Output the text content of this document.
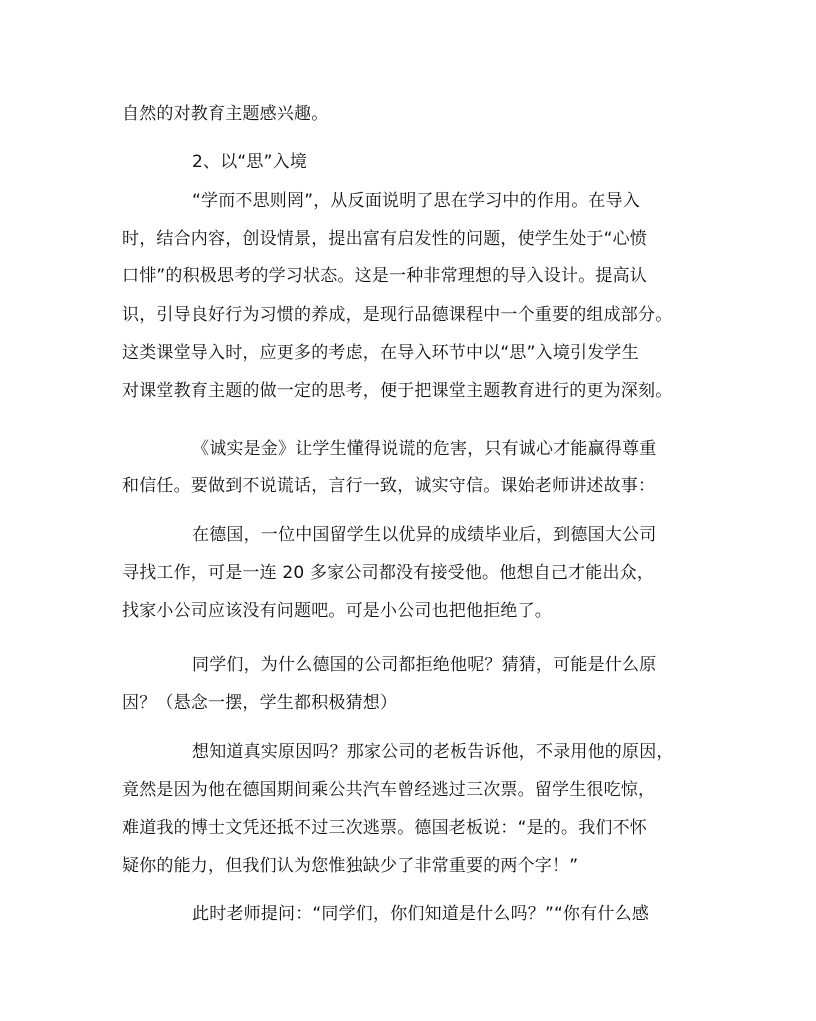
自然的对教育主题感兴趣。
2、以“思”入境
“学而不思则罔”，从反面说明了思在学习中的作用。在导入
时，结合内容，创设情景，提出富有启发性的问题，使学生处于“心愤
口悱”的积极思考的学习状态。这是一种非常理想的导入设计。提高认
识，引导良好行为习惯的养成，是现行品德课程中一个重要的组成部分。
这类课堂导入时，应更多的考虑，在导入环节中以“思”入境引发学生
对课堂教育主题的做一定的思考，便于把课堂主题教育进行的更为深刻。
《诚实是金》让学生懂得说谎的危害，只有诚心才能赢得尊重
和信任。要做到不说谎话，言行一致，诚实守信。课始老师讲述故事：
在德国，一位中国留学生以优异的成绩毕业后，到德国大公司
寻找工作，可是一连 20 多家公司都没有接受他。他想自己才能出众，
找家小公司应该没有问题吧。可是小公司也把他拒绝了。
同学们，为什么德国的公司都拒绝他呢？猜猜，可能是什么原
因？（悬念一摆，学生都积极猜想）
想知道真实原因吗？那家公司的老板告诉他，不录用他的原因，
竟然是因为他在德国期间乘公共汽车曾经逃过三次票。留学生很吃惊，
难道我的博士文凭还抵不过三次逃票。德国老板说：“是的。我们不怀
疑你的能力，但我们认为您惟独缺少了非常重要的两个字！”
此时老师提问：“同学们，你们知道是什么吗？”“你有什么感
